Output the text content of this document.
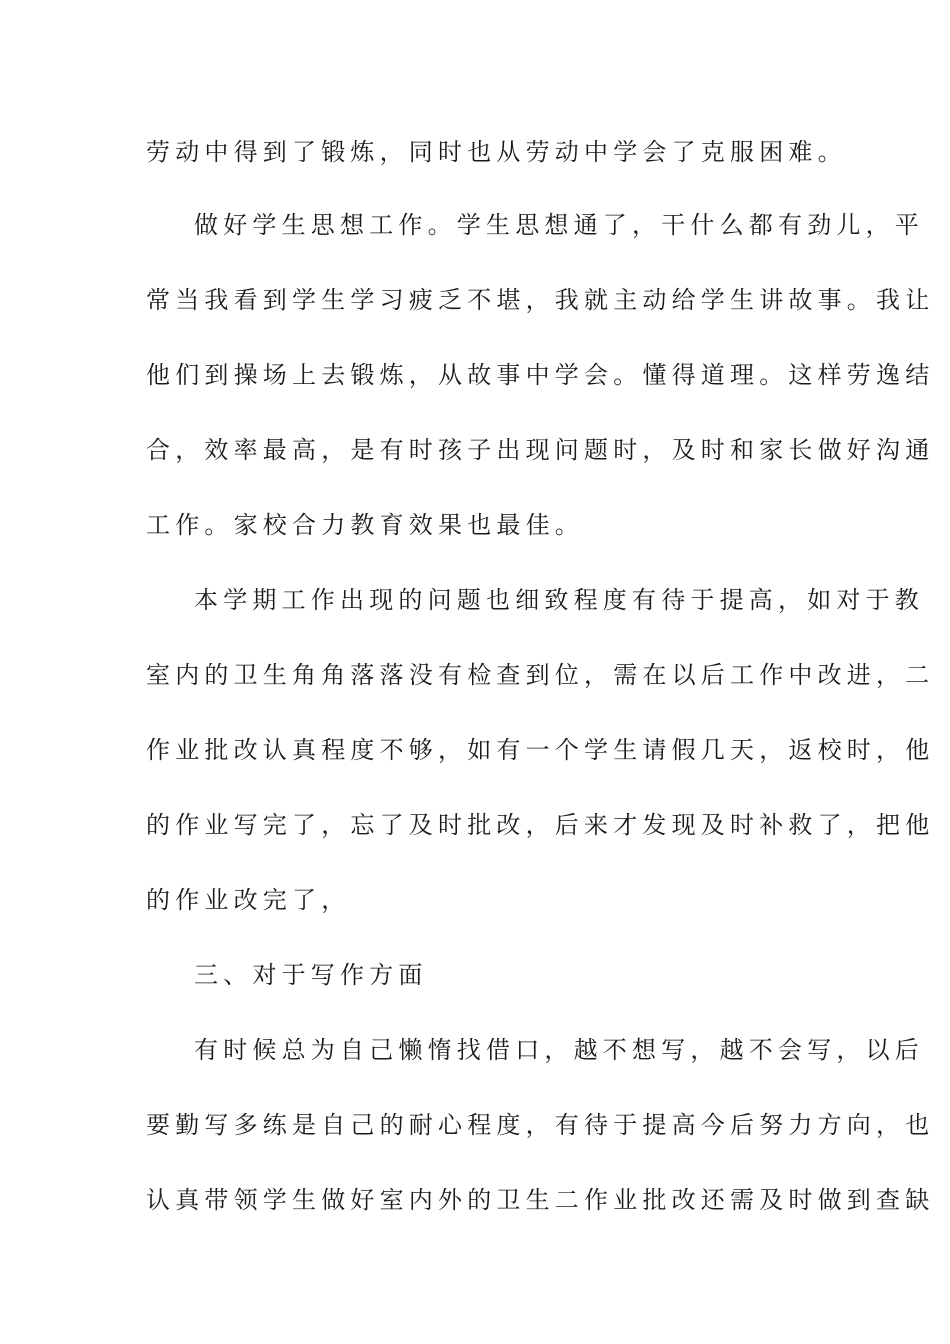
劳动中得到了锻炼，同时也从劳动中学会了克服困难。
做好学生思想工作。学生思想通了，干什么都有劲儿，平
常当我看到学生学习疲乏不堪，我就主动给学生讲故事。我让
他们到操场上去锻炼，从故事中学会。懂得道理。这样劳逸结
合，效率最高，是有时孩子出现问题时，及时和家长做好沟通
工作。家校合力教育效果也最佳。
本学期工作出现的问题也细致程度有待于提高，如对于教
室内的卫生角角落落没有检查到位，需在以后工作中改进，二
作业批改认真程度不够，如有一个学生请假几天，返校时，他
的作业写完了，忘了及时批改，后来才发现及时补救了，把他
的作业改完了，
三、对于写作方面
有时候总为自己懒惰找借口，越不想写，越不会写，以后
要勤写多练是自己的耐心程度，有待于提高今后努力方向，也
认真带领学生做好室内外的卫生二作业批改还需及时做到查缺
